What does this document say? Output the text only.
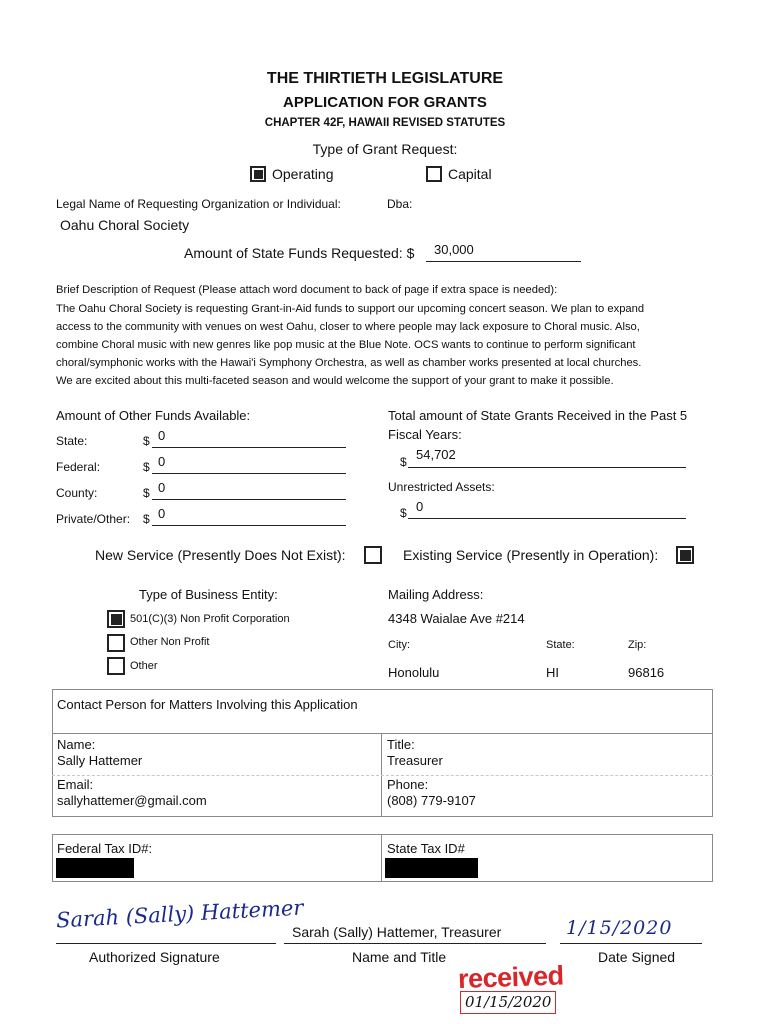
THE THIRTIETH LEGISLATURE
APPLICATION FOR GRANTS
CHAPTER 42F, HAWAII REVISED STATUTES
Type of Grant Request:
Operating	Capital
Legal Name of Requesting Organization or Individual:	Dba:
Oahu Choral Society
Amount of State Funds Requested: $ 30,000
Brief Description of Request (Please attach word document to back of page if extra space is needed):
The Oahu Choral Society is requesting Grant-in-Aid funds to support our upcoming concert season. We plan to expand
access to the community with venues on west Oahu, closer to where people may lack exposure to Choral music. Also,
combine Choral music with new genres like pop music at the Blue Note. OCS wants to continue to perform significant
choral/symphonic works with the Hawai'i Symphony Orchestra, as well as chamber works presented at local churches.
We are excited about this multi-faceted season and would welcome the support of your grant to make it possible.
Amount of Other Funds Available:
State:	$ 0
Federal:	$ 0
County:	$ 0
Private/Other: $ 0
Total amount of State Grants Received in the Past 5
Fiscal Years:
$ 54,702
Unrestricted Assets:
$ 0
New Service (Presently Does Not Exist):	Existing Service (Presently in Operation):
Type of Business Entity:
501(C)(3) Non Profit Corporation
Other Non Profit
Other
Mailing Address:
4348 Waialae Ave #214
City:	State:	Zip:
Honolulu	HI	96816
Contact Person for Matters Involving this Application
Name:
Sally Hattemer
Title:
Treasurer
Email:
sallyhattemer@gmail.com
Phone:
(808) 779-9107
Federal Tax ID#:	State Tax ID#
Sarah (Sally) Hattemer
Sarah (Sally) Hattemer, Treasurer	1/15/2020
Authorized Signature	Name and Title	Date Signed
received
01/15/2020
